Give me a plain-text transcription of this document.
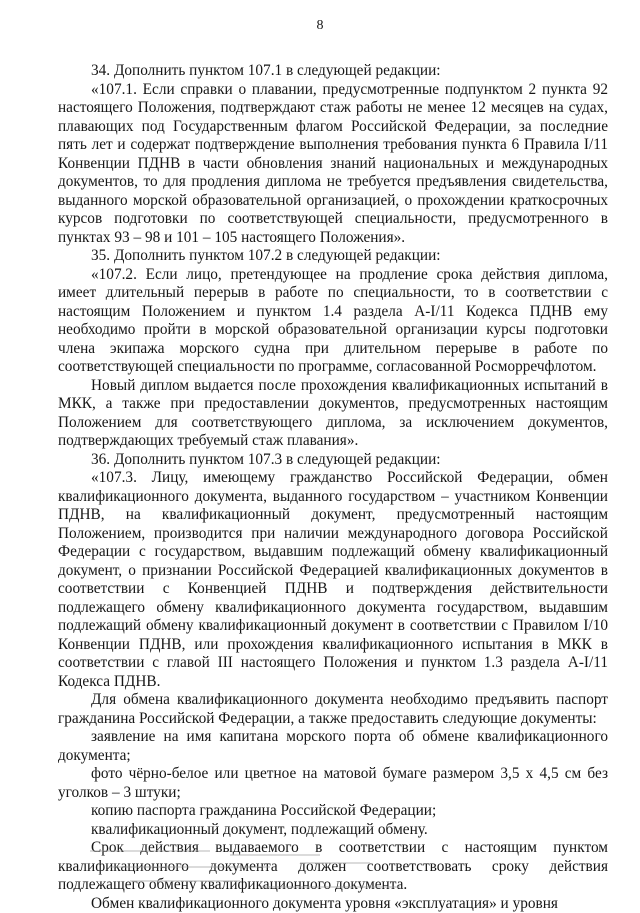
8

34. Дополнить пунктом 107.1 в следующей редакции:

«107.1. Если справки о плавании, предусмотренные подпунктом 2 пункта 92 настоящего Положения, подтверждают стаж работы не менее 12 месяцев на судах, плавающих под Государственным флагом Российской Федерации, за последние пять лет и содержат подтверждение выполнения требования пункта 6 Правила I/11 Конвенции ПДНВ в части обновления знаний национальных и международных документов, то для продления диплома не требуется предъявления свидетельства, выданного морской образовательной организацией, о прохождении краткосрочных курсов подготовки по соответствующей специальности, предусмотренного в пунктах 93 – 98 и 101 – 105 настоящего Положения».

35. Дополнить пунктом 107.2 в следующей редакции:

«107.2. Если лицо, претендующее на продление срока действия диплома, имеет длительный перерыв в работе по специальности, то в соответствии с настоящим Положением и пунктом 1.4 раздела A-I/11 Кодекса ПДНВ ему необходимо пройти в морской образовательной организации курсы подготовки члена экипажа морского судна при длительном перерыве в работе по соответствующей специальности по программе, согласованной Росморречфлотом.

Новый диплом выдается после прохождения квалификационных испытаний в МКК, а также при предоставлении документов, предусмотренных настоящим Положением для соответствующего диплома, за исключением документов, подтверждающих требуемый стаж плавания».

36. Дополнить пунктом 107.3 в следующей редакции:

«107.3. Лицу, имеющему гражданство Российской Федерации, обмен квалификационного документа, выданного государством – участником Конвенции ПДНВ, на квалификационный документ, предусмотренный настоящим Положением, производится при наличии международного договора Российской Федерации с государством, выдавшим подлежащий обмену квалификационный документ, о признании Российской Федерацией квалификационных документов в соответствии с Конвенцией ПДНВ и подтверждения действительности подлежащего обмену квалификационного документа государством, выдавшим подлежащий обмену квалификационный документ в соответствии с Правилом I/10 Конвенции ПДНВ, или прохождения квалификационного испытания в МКК в соответствии с главой III настоящего Положения и пунктом 1.3 раздела A-I/11 Кодекса ПДНВ.

Для обмена квалификационного документа необходимо предъявить паспорт гражданина Российской Федерации, а также предоставить следующие документы:

заявление на имя капитана морского порта об обмене квалификационного документа;

фото чёрно-белое или цветное на матовой бумаге размером 3,5 х 4,5 см без уголков – 3 штуки;

копию паспорта гражданина Российской Федерации;

квалификационный документ, подлежащий обмену.

Срок действия выдаваемого в соответствии с настоящим пунктом квалификационного документа должен соответствовать сроку действия подлежащего обмену квалификационного документа.

Обмен квалификационного документа уровня «эксплуатация» и уровня
